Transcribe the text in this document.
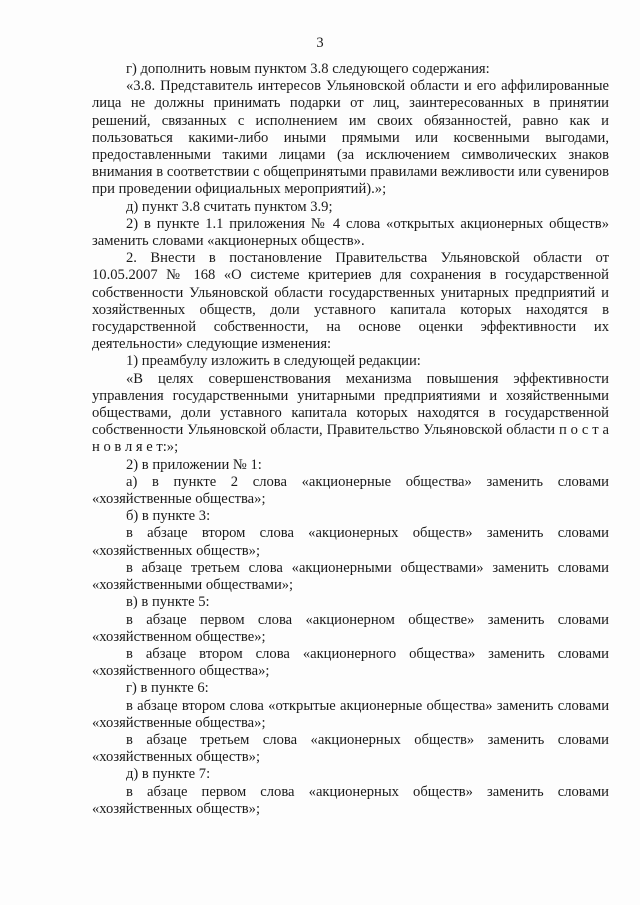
3

г) дополнить новым пунктом 3.8 следующего содержания:

«3.8. Представитель интересов Ульяновской области и его аффилированные лица не должны принимать подарки от лиц, заинтересованных в принятии решений, связанных с исполнением им своих обязанностей, равно как и пользоваться какими-либо иными прямыми или косвенными выгодами, предоставленными такими лицами (за исключением символических знаков внимания в соответствии с общепринятыми правилами вежливости или сувениров при проведении официальных мероприятий).»;

д) пункт 3.8 считать пунктом 3.9;

2) в пункте 1.1 приложения № 4 слова «открытых акционерных обществ» заменить словами «акционерных обществ».

2. Внести в постановление Правительства Ульяновской области от 10.05.2007 № 168 «О системе критериев для сохранения в государственной собственности Ульяновской области государственных унитарных предприятий и хозяйственных обществ, доли уставного капитала которых находятся в государственной собственности, на основе оценки эффективности их деятельности» следующие изменения:

1) преамбулу изложить в следующей редакции:

«В целях совершенствования механизма повышения эффективности управления государственными унитарными предприятиями и хозяйственными обществами, доли уставного капитала которых находятся в государственной собственности Ульяновской области, Правительство Ульяновской области п о с т а н о в л я е т:»;

2) в приложении № 1:

а) в пункте 2 слова «акционерные общества» заменить словами «хозяйственные общества»;

б) в пункте 3:

в абзаце втором слова «акционерных обществ» заменить словами «хозяйственных обществ»;

в абзаце третьем слова «акционерными обществами» заменить словами «хозяйственными обществами»;

в) в пункте 5:

в абзаце первом слова «акционерном обществе» заменить словами «хозяйственном обществе»;

в абзаце втором слова «акционерного общества» заменить словами «хозяйственного общества»;

г) в пункте 6:

в абзаце втором слова «открытые акционерные общества» заменить словами «хозяйственные общества»;

в абзаце третьем слова «акционерных обществ» заменить словами «хозяйственных обществ»;

д) в пункте 7:

в абзаце первом слова «акционерных обществ» заменить словами «хозяйственных обществ»;
